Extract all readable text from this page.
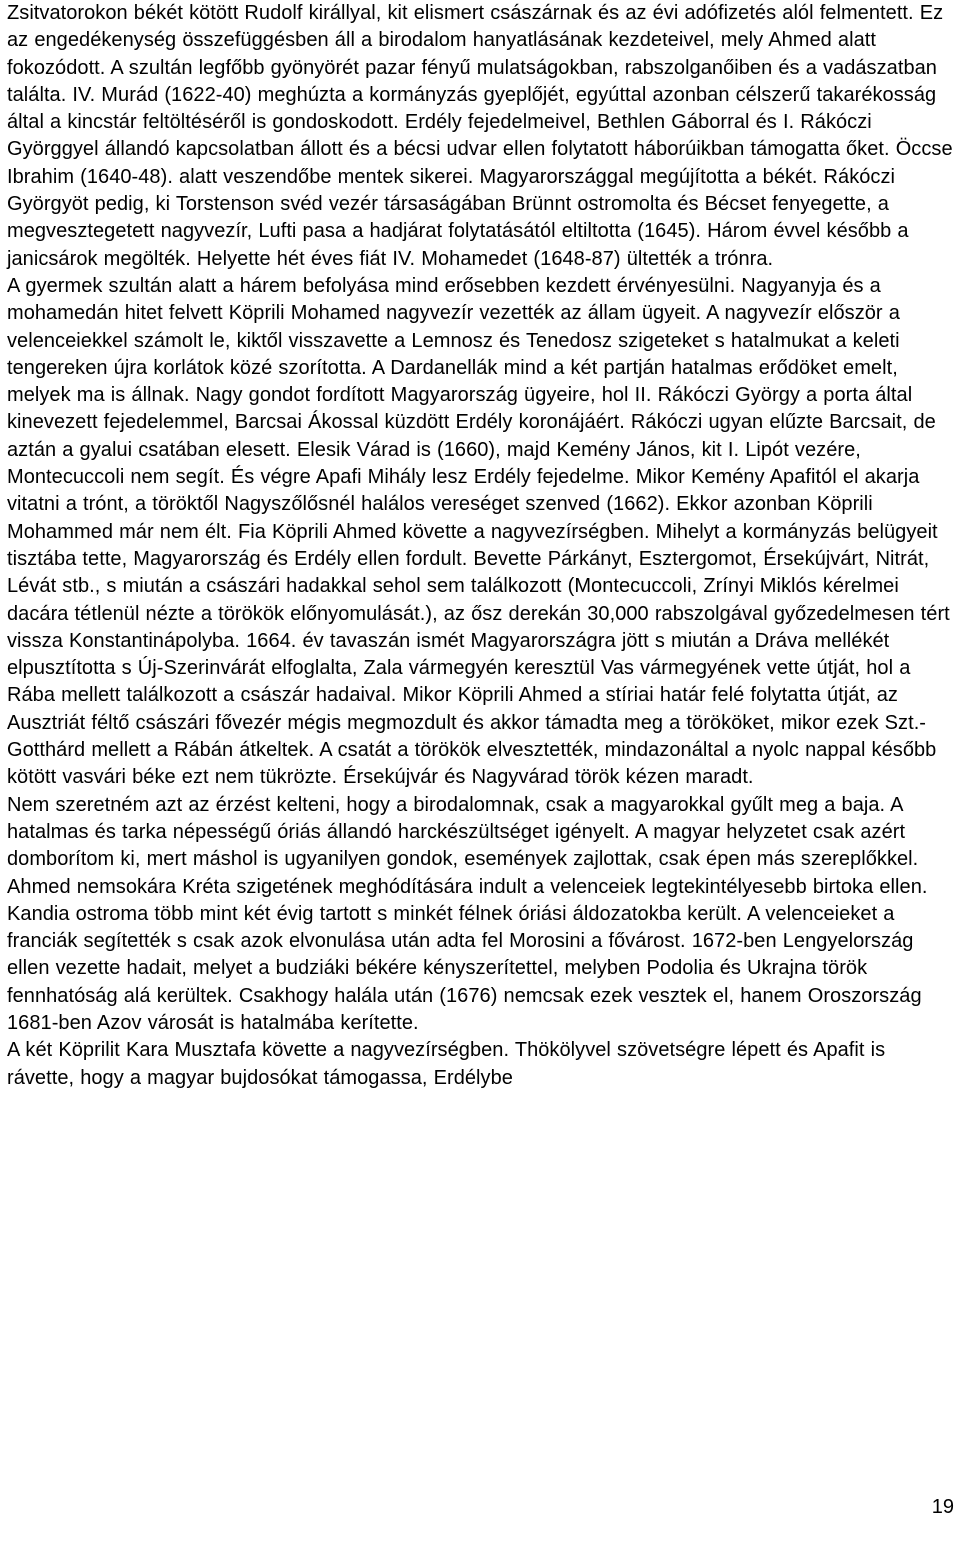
Zsitvatorokon békét kötött Rudolf királlyal, kit elismert császárnak és az évi adófizetés alól felmentett. Ez az engedékenység összefüggésben áll a birodalom hanyatlásának kezdeteivel, mely Ahmed alatt fokozódott. A szultán legfőbb gyönyörét pazar fényű mulatságokban, rabszolganőiben és a vadászatban találta. IV. Murád (1622-40) meghúzta a kormányzás gyeplőjét, egyúttal azonban célszerű takarékosság által a kincstár feltöltéséről is gondoskodott. Erdély fejedelmeivel, Bethlen Gáborral és I. Rákóczi Györggyel állandó kapcsolatban állott és a bécsi udvar ellen folytatott háborúikban támogatta őket. Öccse Ibrahim (1640-48). alatt veszendőbe mentek sikerei. Magyarországgal megújította a békét. Rákóczi Györgyöt pedig, ki Torstenson svéd vezér társaságában Brünnt ostromolta és Bécset fenyegette, a megvesztegetett nagyvezír, Lufti pasa a hadjárat folytatásától eltiltotta (1645). Három évvel később a janicsárok megölték. Helyette hét éves fiát IV. Mohamedet (1648-87) ültették a trónra.

A gyermek szultán alatt a hárem befolyása mind erősebben kezdett érvényesülni. Nagyanyja és a mohamedán hitet felvett Köprili Mohamed nagyvezír vezették az állam ügyeit. A nagyvezír először a velenceiekkel számolt le, kiktől visszavette a Lemnosz és Tenedosz szigeteket s hatalmukat a keleti tengereken újra korlátok közé szorította. A Dardanellák mind a két partján hatalmas erődöket emelt, melyek ma is állnak. Nagy gondot fordított Magyarország ügyeire, hol II. Rákóczi György a porta által kinevezett fejedelemmel, Barcsai Ákossal küzdött Erdély koronájáért. Rákóczi ugyan elűzte Barcsait, de aztán a gyalui csatában elesett. Elesik Várad is (1660), majd Kemény János, kit I. Lipót vezére, Montecuccoli nem segít. És végre Apafi Mihály lesz Erdély fejedelme. Mikor Kemény Apafitól el akarja vitatni a trónt, a töröktől Nagyszőlősnél halálos vereséget szenved (1662). Ekkor azonban Köprili Mohammed már nem élt. Fia Köprili Ahmed követte a nagyvezírségben. Mihelyt a kormányzás belügyeit tisztába tette, Magyarország és Erdély ellen fordult. Bevette Párkányt, Esztergomot, Érsekújvárt, Nitrát, Lévát stb., s miután a császári hadakkal sehol sem találkozott (Montecuccoli, Zrínyi Miklós kérelmei dacára tétlenül nézte a törökök előnyomulását.), az ősz derekán 30,000 rabszolgával győzedelmesen tért vissza Konstantinápolyba. 1664. év tavaszán ismét Magyarországra jött s miután a Dráva mellékét elpusztította s Új-Szerinvárát elfoglalta, Zala vármegyén keresztül Vas vármegyének vette útját, hol a Rába mellett találkozott a császár hadaival. Mikor Köprili Ahmed a stíriai határ felé folytatta útját, az Ausztriát féltő császári fővezér mégis megmozdult és akkor támadta meg a törököket, mikor ezek Szt.-Gotthárd mellett a Rábán átkeltek. A csatát a törökök elvesztették, mindazonáltal a nyolc nappal később kötött vasvári béke ezt nem tükrözte. Érsekújvár és Nagyvárad török kézen maradt.

Nem szeretném azt az érzést kelteni, hogy a birodalomnak, csak a magyarokkal gyűlt meg a baja. A hatalmas és tarka népességű óriás állandó harckészültséget igényelt. A magyar helyzetet csak azért domborítom ki, mert máshol is ugyanilyen gondok, események zajlottak, csak épen más szereplőkkel.

Ahmed nemsokára Kréta szigetének meghódítására indult a velenceiek legtekintélyesebb birtoka ellen. Kandia ostroma több mint két évig tartott s minkét félnek óriási áldozatokba került. A velenceieket a franciák segítették s csak azok elvonulása után adta fel Morosini a fővárost. 1672-ben Lengyelország ellen vezette hadait, melyet a budziáki békére kényszerítettel, melyben Podolia és Ukrajna török fennhatóság alá kerültek. Csakhogy halála után (1676) nemcsak ezek vesztek el, hanem Oroszország 1681-ben Azov városát is hatalmába kerítette.

A két Köprilit Kara Musztafa követte a nagyvezírségben. Thökölyvel szövetségre lépett és Apafit is rávette, hogy a magyar bujdosókat támogassa, Erdélybe

19
